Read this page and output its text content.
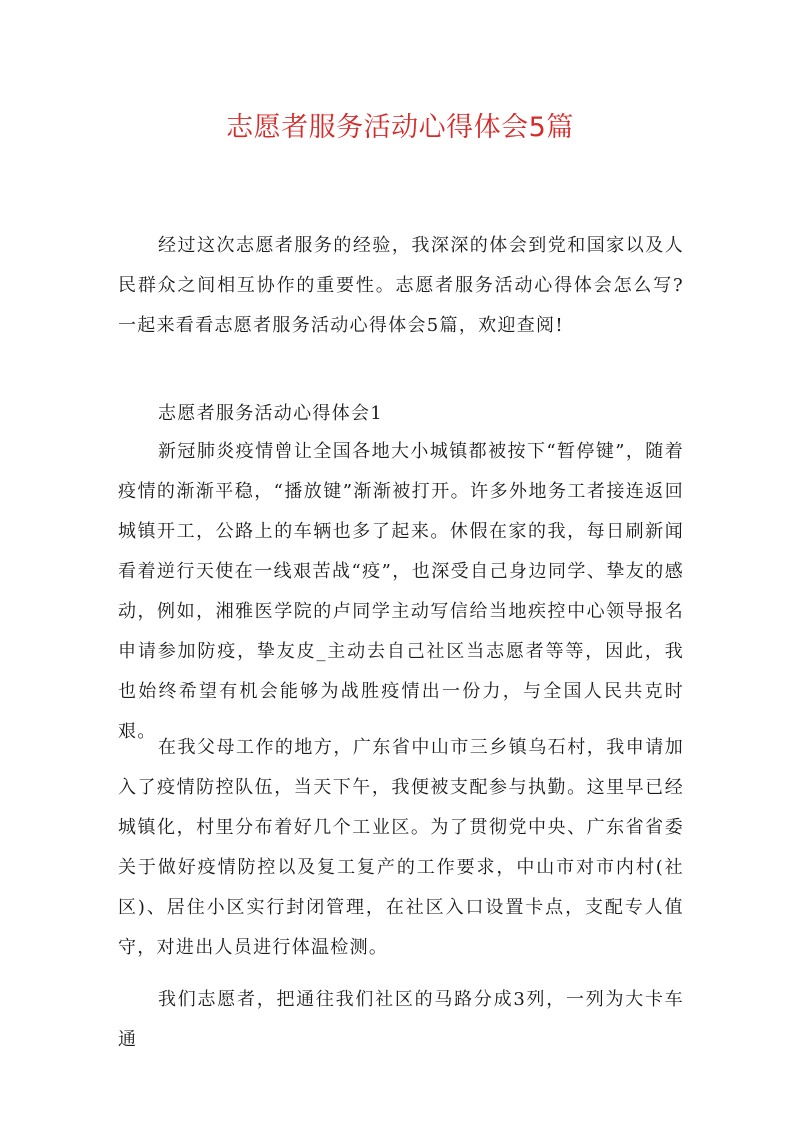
志愿者服务活动心得体会5篇

经过这次志愿者服务的经验，我深深的体会到党和国家以及人民群众之间相互协作的重要性。志愿者服务活动心得体会怎么写?一起来看看志愿者服务活动心得体会5篇，欢迎查阅!

志愿者服务活动心得体会1

新冠肺炎疫情曾让全国各地大小城镇都被按下“暂停键”，随着疫情的渐渐平稳，“播放键”渐渐被打开。许多外地务工者接连返回城镇开工，公路上的车辆也多了起来。休假在家的我，每日刷新闻看着逆行天使在一线艰苦战“疫”，也深受自己身边同学、挚友的感动，例如，湘雅医学院的卢同学主动写信给当地疾控中心领导报名申请参加防疫，挚友皮_主动去自己社区当志愿者等等，因此，我也始终希望有机会能够为战胜疫情出一份力，与全国人民共克时艰。

在我父母工作的地方，广东省中山市三乡镇乌石村，我申请加入了疫情防控队伍，当天下午，我便被支配参与执勤。这里早已经城镇化，村里分布着好几个工业区。为了贯彻党中央、广东省省委关于做好疫情防控以及复工复产的工作要求，中山市对市内村(社区)、居住小区实行封闭管理，在社区入口设置卡点，支配专人值守，对进出人员进行体温检测。

我们志愿者，把通往我们社区的马路分成3列，一列为大卡车通
